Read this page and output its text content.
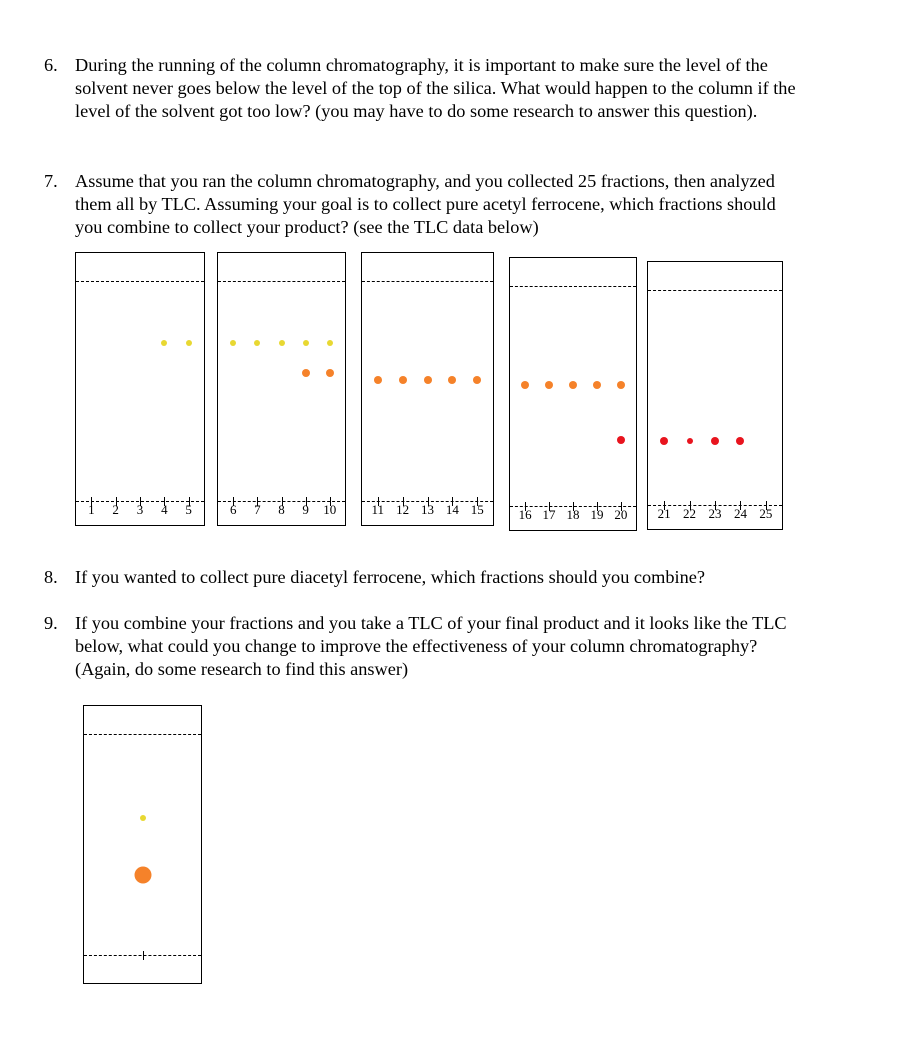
6. During the running of the column chromatography, it is important to make sure the level of the solvent never goes below the level of the top of the silica. What would happen to the column if the level of the solvent got too low? (you may have to do some research to answer this question).
7. Assume that you ran the column chromatography, and you collected 25 fractions, then analyzed them all by TLC. Assuming your goal is to collect pure acetyl ferrocene, which fractions should you combine to collect your product? (see the TLC data below)
1 2 3 4 5	6 7 8 9 10	11 12 13 14 15	16 17 18 19 20 21 22 23 24 25
8. If you wanted to collect pure diacetyl ferrocene, which fractions should you combine?
9. If you combine your fractions and you take a TLC of your final product and it looks like the TLC below, what could you change to improve the effectiveness of your column chromatography? (Again, do some research to find this answer)
